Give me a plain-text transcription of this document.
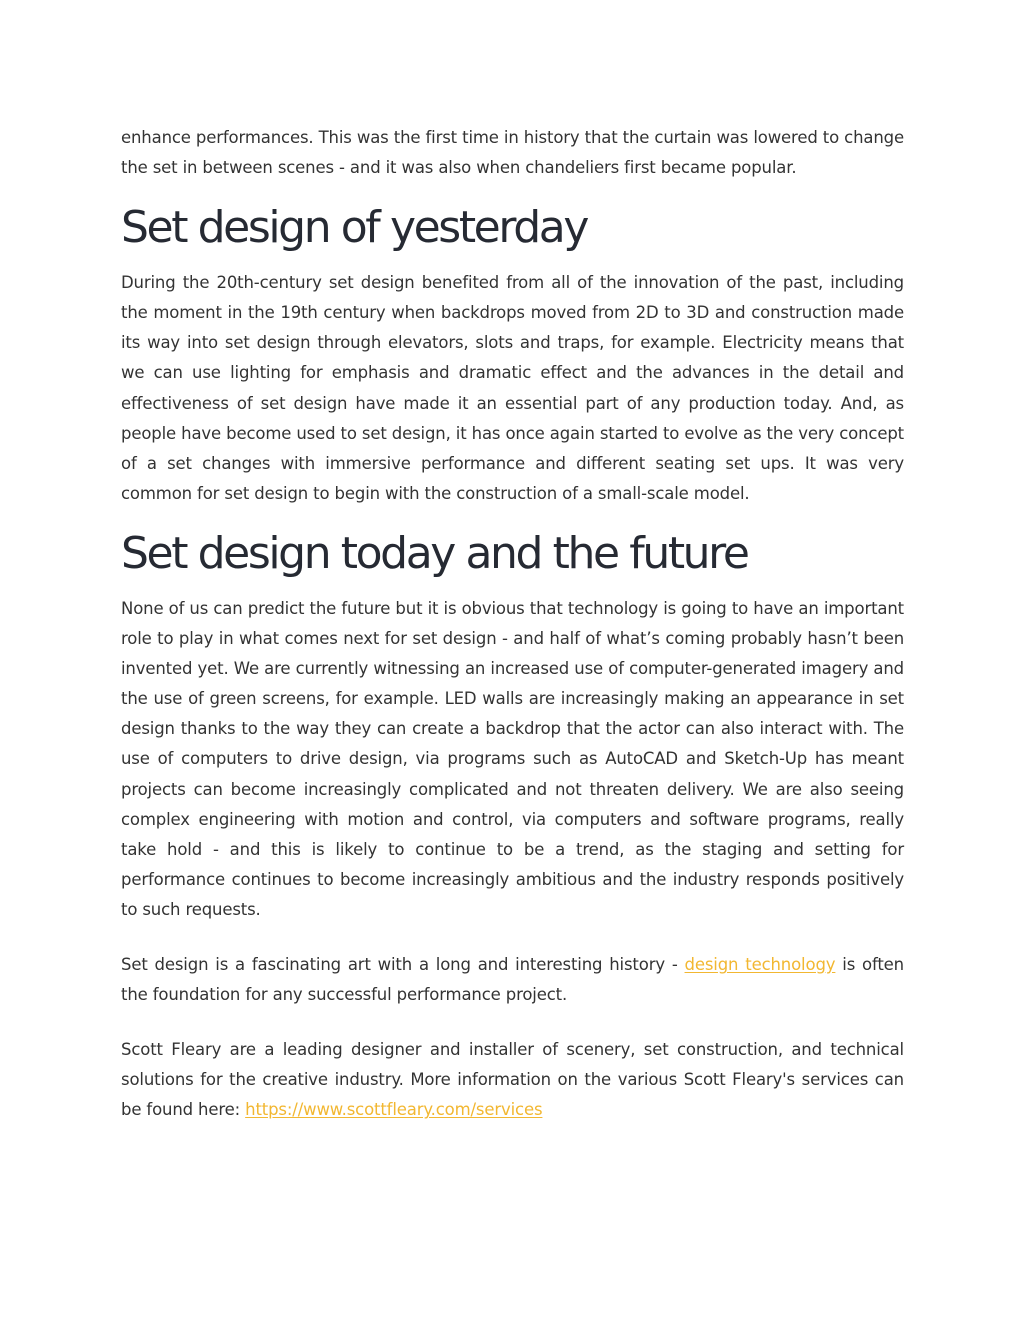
enhance performances. This was the first time in history that the curtain was lowered to change the set in between scenes - and it was also when chandeliers first became popular.

Set design of yesterday

During the 20th-century set design benefited from all of the innovation of the past, including the moment in the 19th century when backdrops moved from 2D to 3D and construction made its way into set design through elevators, slots and traps, for example. Electricity means that we can use lighting for emphasis and dramatic effect and the advances in the detail and effectiveness of set design have made it an essential part of any production today. And, as people have become used to set design, it has once again started to evolve as the very concept of a set changes with immersive performance and different seating set ups. It was very common for set design to begin with the construction of a small-scale model.

Set design today and the future

None of us can predict the future but it is obvious that technology is going to have an important role to play in what comes next for set design - and half of what’s coming probably hasn’t been invented yet. We are currently witnessing an increased use of computer-generated imagery and the use of green screens, for example. LED walls are increasingly making an appearance in set design thanks to the way they can create a backdrop that the actor can also interact with. The use of computers to drive design, via programs such as AutoCAD and Sketch-Up has meant projects can become increasingly complicated and not threaten delivery. We are also seeing complex engineering with motion and control, via computers and software programs, really take hold - and this is likely to continue to be a trend, as the staging and setting for performance continues to become increasingly ambitious and the industry responds positively to such requests.

Set design is a fascinating art with a long and interesting history - design technology is often the foundation for any successful performance project.

Scott Fleary are a leading designer and installer of scenery, set construction, and technical solutions for the creative industry. More information on the various Scott Fleary's services can be found here: https://www.scottfleary.com/services
